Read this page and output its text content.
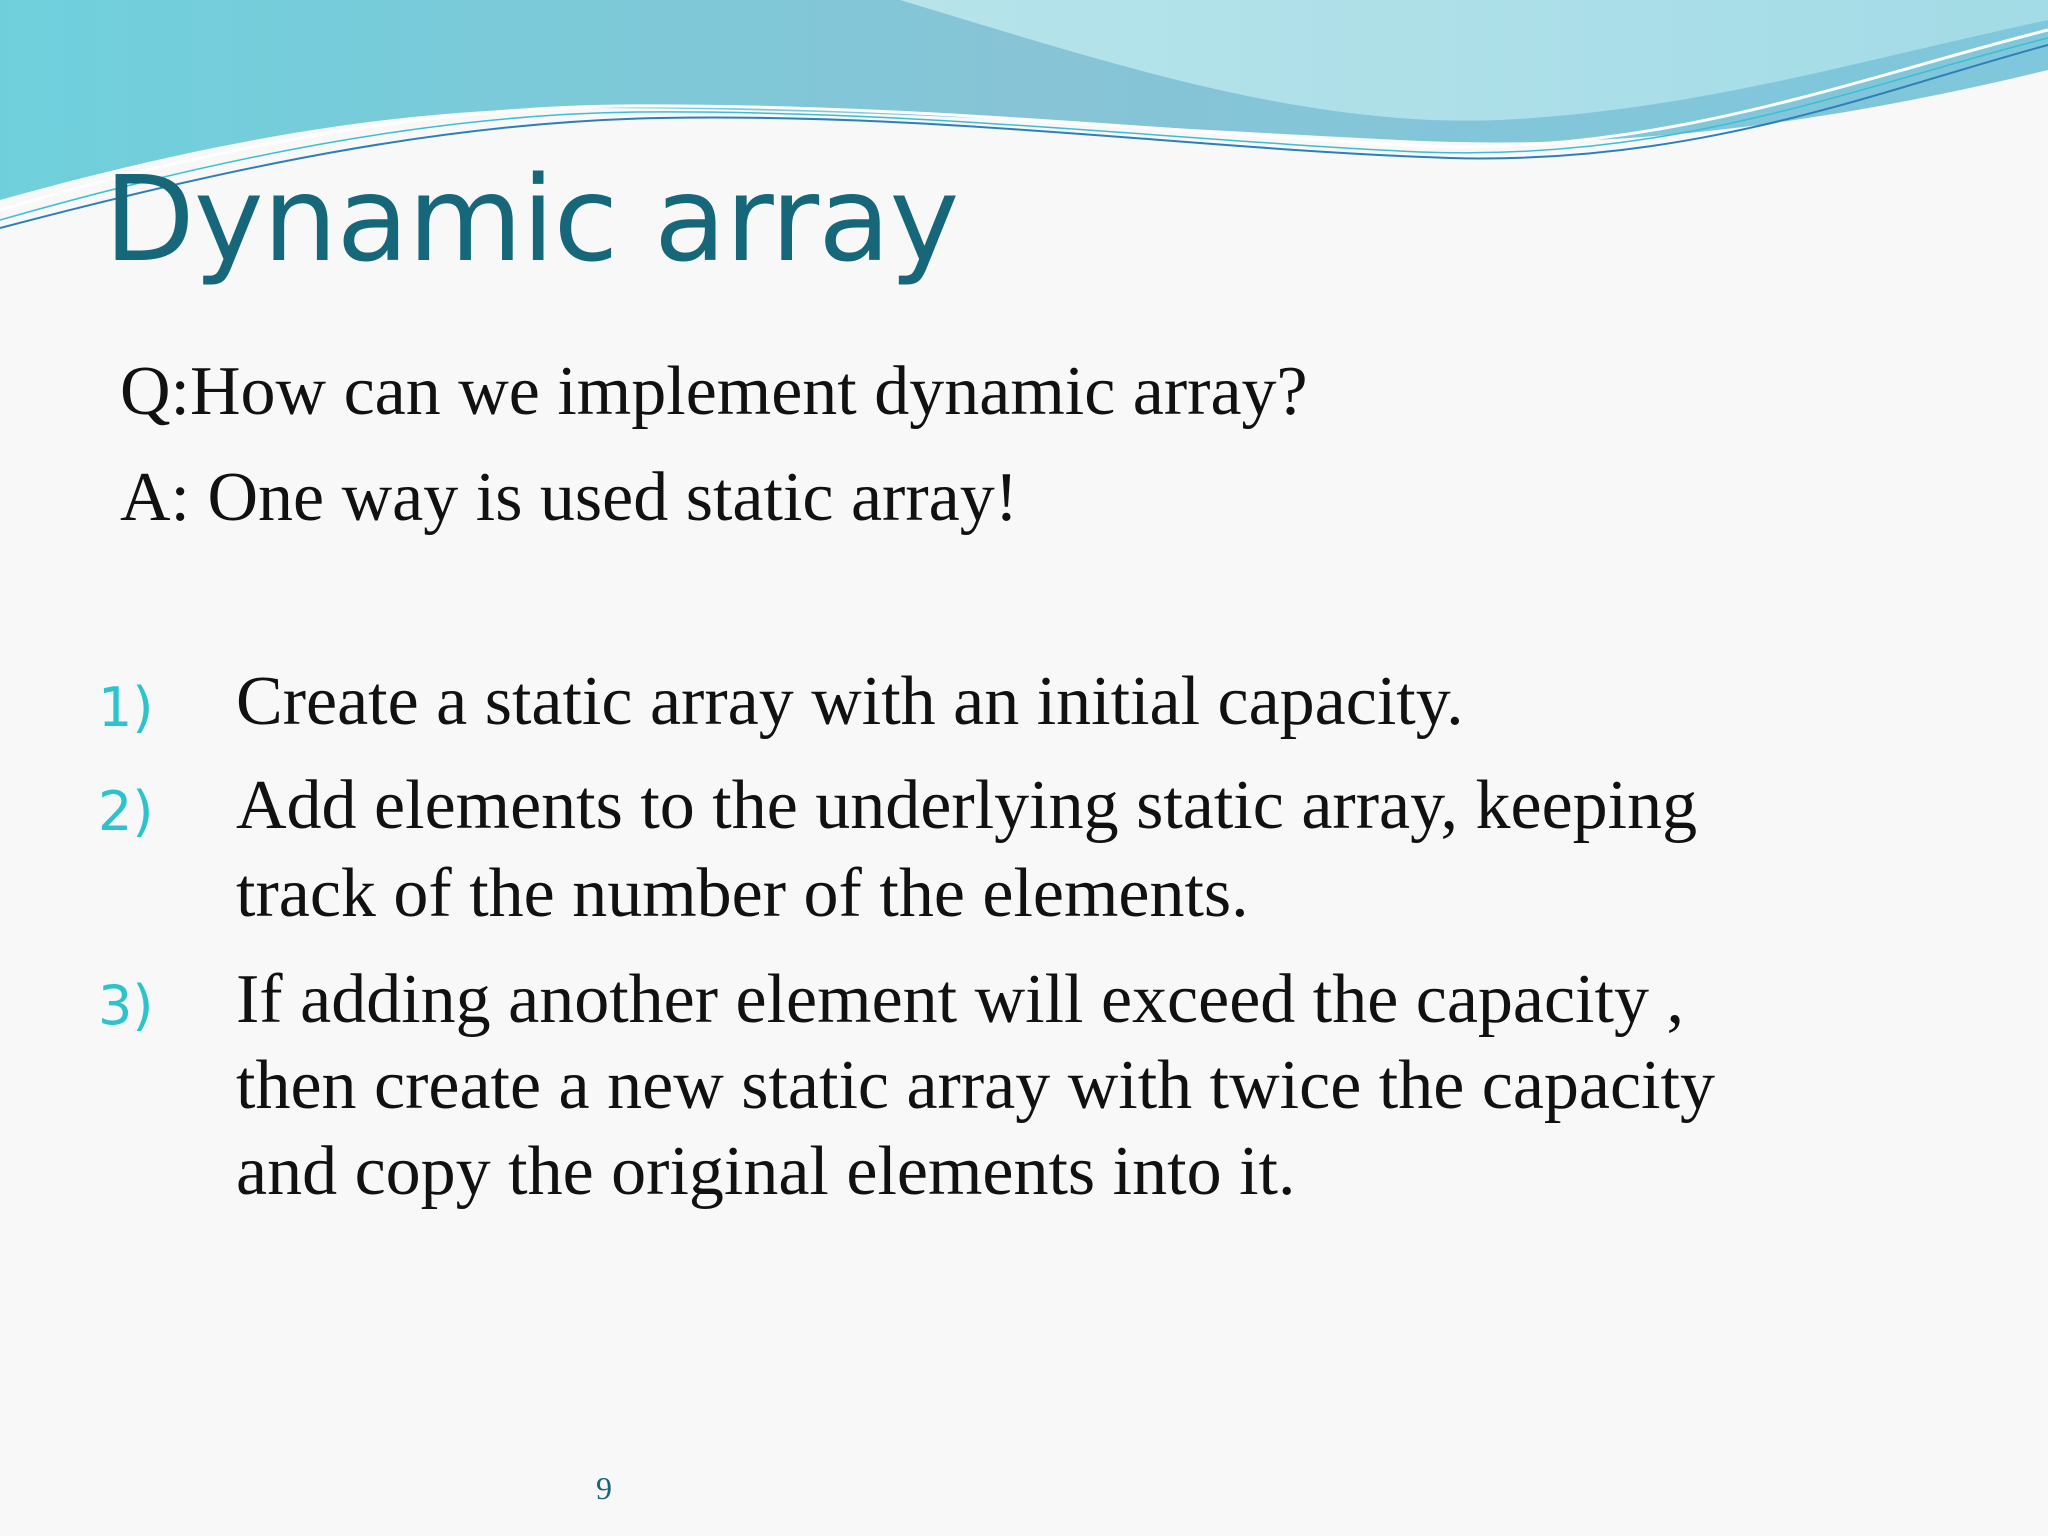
Dynamic array
Q:How can we implement dynamic array?
A: One way is used static array!
1) Create a static array with an initial capacity.
2) Add elements to the underlying static array, keeping
track of the number of the elements.
3) If adding another element will exceed the capacity ,
then create a new static array with twice the capacity
and copy the original elements into it.
9
